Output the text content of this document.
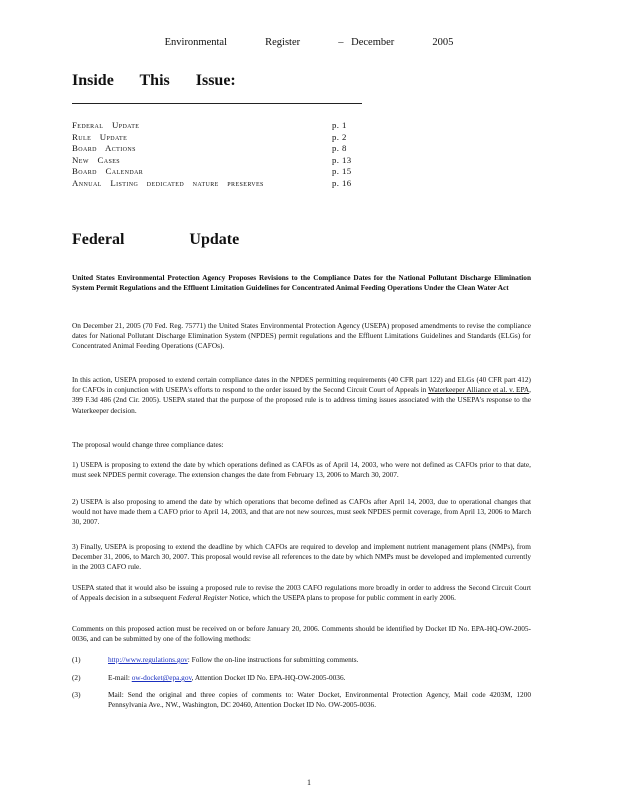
Environmental     Register     – December     2005
Inside  This  Issue:
Federal Update	p. 1
Rule Update	p. 2
Board Actions	p. 8
New Cases	p. 13
Board Calendar	p. 15
Annual Listing dedicated nature preserves	p. 16
Federal     Update
United States Environmental Protection Agency Proposes Revisions to the Compliance Dates for the National Pollutant Discharge Elimination System Permit Regulations and the Effluent Limitation Guidelines for Concentrated Animal Feeding Operations Under the Clean Water Act
On December 21, 2005 (70 Fed. Reg. 75771) the United States Environmental Protection Agency (USEPA) proposed amendments to revise the compliance dates for National Pollutant Discharge Elimination System (NPDES) permit regulations and the Effluent Limitations Guidelines and Standards (ELGs) for Concentrated Animal Feeding Operations (CAFOs).
In this action, USEPA proposed to extend certain compliance dates in the NPDES permitting requirements (40 CFR part 122) and ELGs (40 CFR part 412) for CAFOs in conjunction with USEPA's efforts to respond to the order issued by the Second Circuit Court of Appeals in Waterkeeper Alliance et al. v. EPA, 399 F.3d 486 (2nd Cir. 2005). USEPA stated that the purpose of the proposed rule is to address timing issues associated with the USEPA's response to the Waterkeeper decision.
The proposal would change three compliance dates:
1) USEPA is proposing to extend the date by which operations defined as CAFOs as of April 14, 2003, who were not defined as CAFOs prior to that date, must seek NPDES permit coverage. The extension changes the date from February 13, 2006 to March 30, 2007.
2) USEPA is also proposing to amend the date by which operations that become defined as CAFOs after April 14, 2003, due to operational changes that would not have made them a CAFO prior to April 14, 2003, and that are not new sources, must seek NPDES permit coverage, from April 13, 2006 to March 30, 2007.
3) Finally, USEPA is proposing to extend the deadline by which CAFOs are required to develop and implement nutrient management plans (NMPs), from December 31, 2006, to March 30, 2007. This proposal would revise all references to the date by which NMPs must be developed and implemented currently in the 2003 CAFO rule.
USEPA stated that it would also be issuing a proposed rule to revise the 2003 CAFO regulations more broadly in order to address the Second Circuit Court of Appeals decision in a subsequent Federal Register Notice, which the USEPA plans to propose for public comment in early 2006.
Comments on this proposed action must be received on or before January 20, 2006. Comments should be identified by Docket ID No. EPA-HQ-OW-2005-0036, and can be submitted by one of the following methods:
(1)	http://www.regulations.gov: Follow the on-line instructions for submitting comments.
(2)	E-mail: ow-docket@epa.gov, Attention Docket ID No. EPA-HQ-OW-2005-0036.
(3)	Mail: Send the original and three copies of comments to: Water Docket, Environmental Protection Agency, Mail code 4203M, 1200 Pennsylvania Ave., NW., Washington, DC 20460, Attention Docket ID No. OW-2005-0036.
1
